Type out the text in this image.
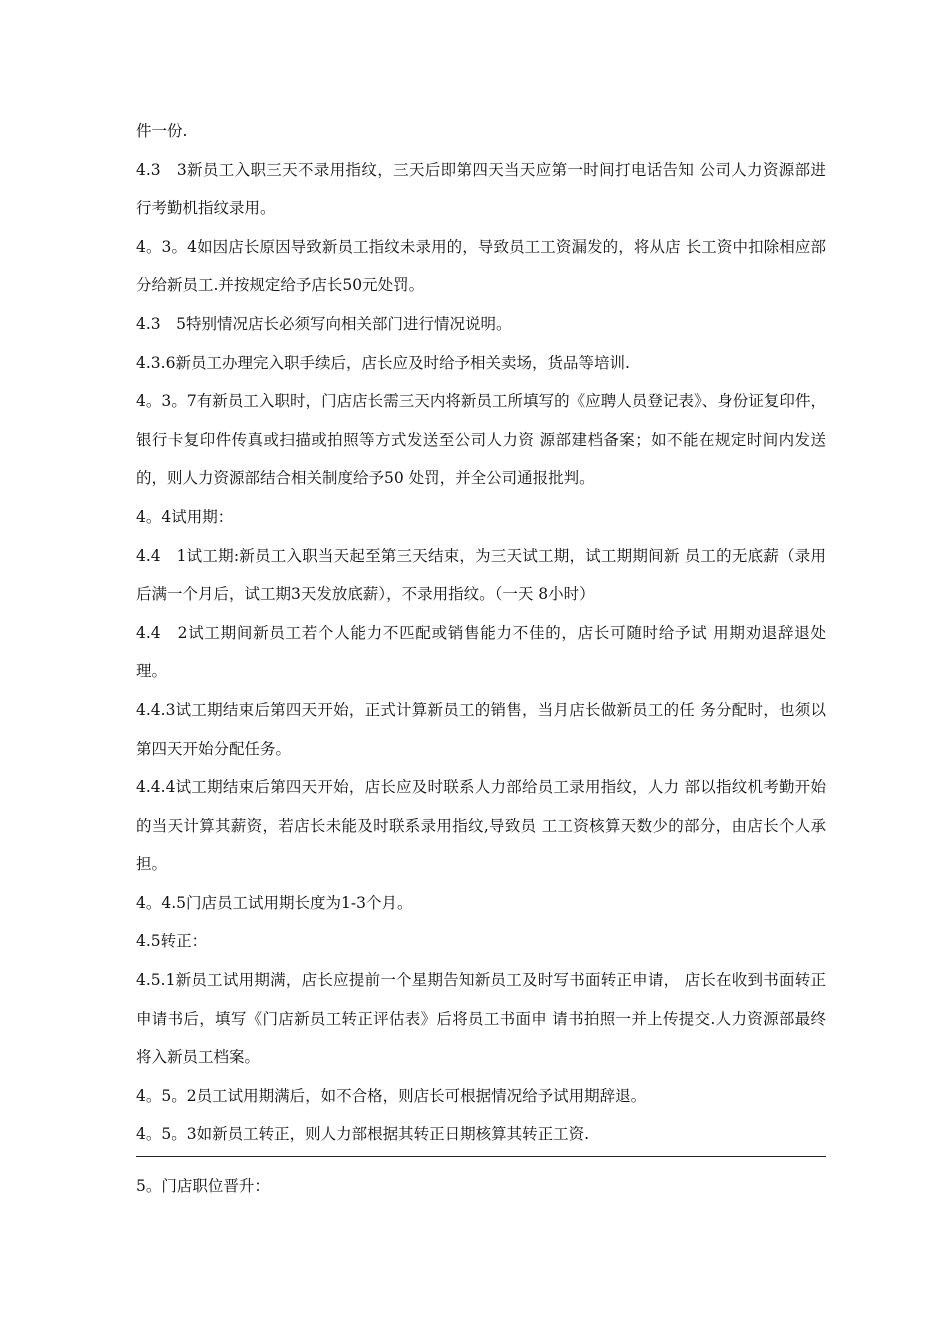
件一份.

4.3　3新员工入职三天不录用指纹，三天后即第四天当天应第一时间打电话告知 公司人力资源部进行考勤机指纹录用。

4。3。4如因店长原因导致新员工指纹未录用的，导致员工工资漏发的，将从店 长工资中扣除相应部分给新员工.并按规定给予店长50元处罚。

4.3　5特别情况店长必须写向相关部门进行情况说明。

4.3.6新员工办理完入职手续后，店长应及时给予相关卖场，货品等培训.

4。3。7有新员工入职时，门店店长需三天内将新员工所填写的《应聘人员登记表》、身份证复印件，银行卡复印件传真或扫描或拍照等方式发送至公司人力资 源部建档备案；如不能在规定时间内发送的，则人力资源部结合相关制度给予50 处罚，并全公司通报批判。

4。4试用期：

4.4　1试工期:新员工入职当天起至第三天结束，为三天试工期，试工期期间新 员工的无底薪（录用后满一个月后，试工期3天发放底薪），不录用指纹。（一天 8小时）

4.4　2试工期间新员工若个人能力不匹配或销售能力不佳的，店长可随时给予试 用期劝退辞退处理。

4.4.3试工期结束后第四天开始，正式计算新员工的销售，当月店长做新员工的任 务分配时，也须以第四天开始分配任务。

4.4.4试工期结束后第四天开始，店长应及时联系人力部给员工录用指纹，人力 部以指纹机考勤开始的当天计算其薪资，若店长未能及时联系录用指纹,导致员 工工资核算天数少的部分，由店长个人承担。

4。4.5门店员工试用期长度为1-3个月。

4.5转正：

4.5.1新员工试用期满，店长应提前一个星期告知新员工及时写书面转正申请， 店长在收到书面转正申请书后，填写《门店新员工转正评估表》后将员工书面申 请书拍照一并上传提交.人力资源部最终将入新员工档案。

4。5。2员工试用期满后，如不合格，则店长可根据情况给予试用期辞退。

4。5。3如新员工转正，则人力部根据其转正日期核算其转正工资.

5。门店职位晋升：
